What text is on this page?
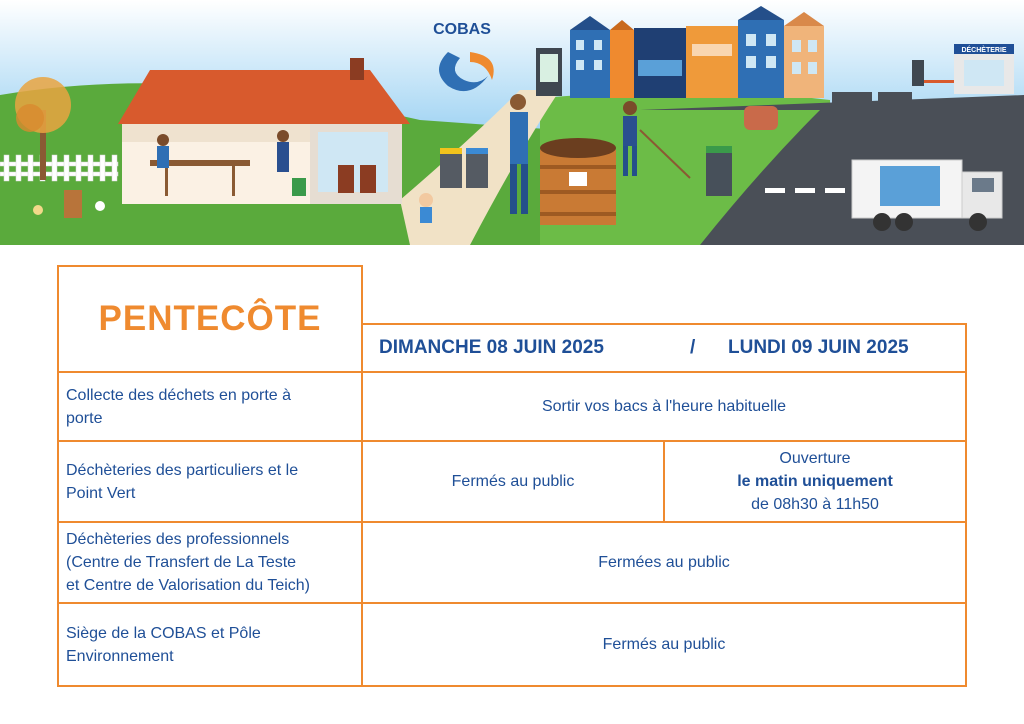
COBAS
DÉCHÈTERIE
PENTECÔTE
DIMANCHE 08 JUIN 2025	/ LUNDI 09 JUIN 2025
Collecte des déchets en porte à
porte
Sortir vos bacs à l'heure habituelle
Déchèteries des particuliers et le
Point Vert
Fermés au public
Ouverture
le matin uniquement
de 08h30 à 11h50
Déchèteries des professionnels
(Centre de Transfert de La Teste
et Centre de Valorisation du Teich)
Fermées au public
Siège de la COBAS et Pôle
Environnement
Fermés au public
